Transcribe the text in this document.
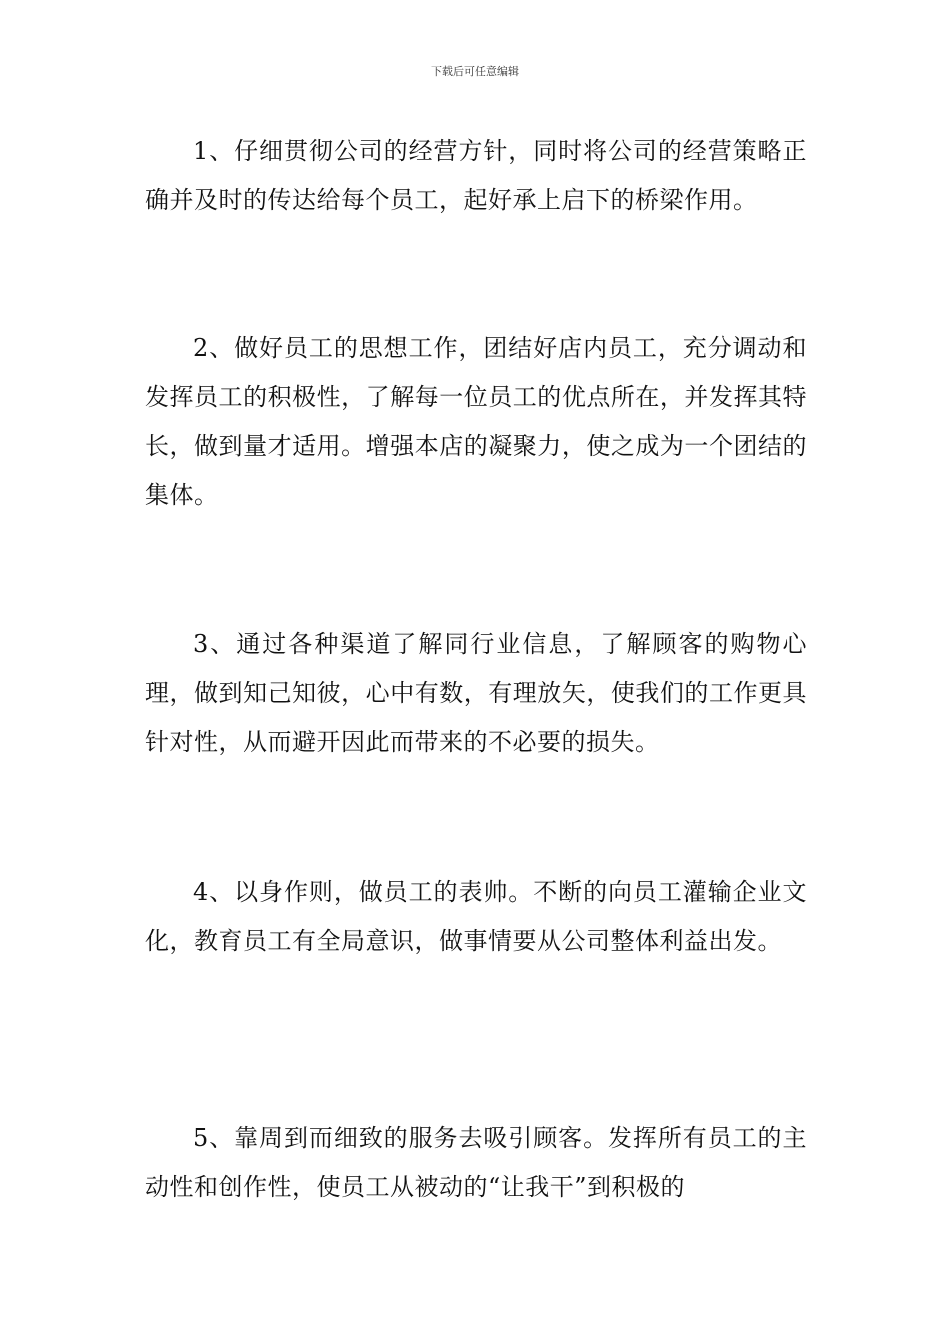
下载后可任意编辑

1、仔细贯彻公司的经营方针，同时将公司的经营策略正确并及时的传达给每个员工，起好承上启下的桥梁作用。

2、做好员工的思想工作，团结好店内员工，充分调动和发挥员工的积极性，了解每一位员工的优点所在，并发挥其特长，做到量才适用。增强本店的凝聚力，使之成为一个团结的集体。

3、通过各种渠道了解同行业信息，了解顾客的购物心理，做到知己知彼，心中有数，有理放矢，使我们的工作更具针对性，从而避开因此而带来的不必要的损失。

4、以身作则，做员工的表帅。不断的向员工灌输企业文化，教育员工有全局意识，做事情要从公司整体利益出发。

5、靠周到而细致的服务去吸引顾客。发挥所有员工的主动性和创作性，使员工从被动的“让我干”到积极的
